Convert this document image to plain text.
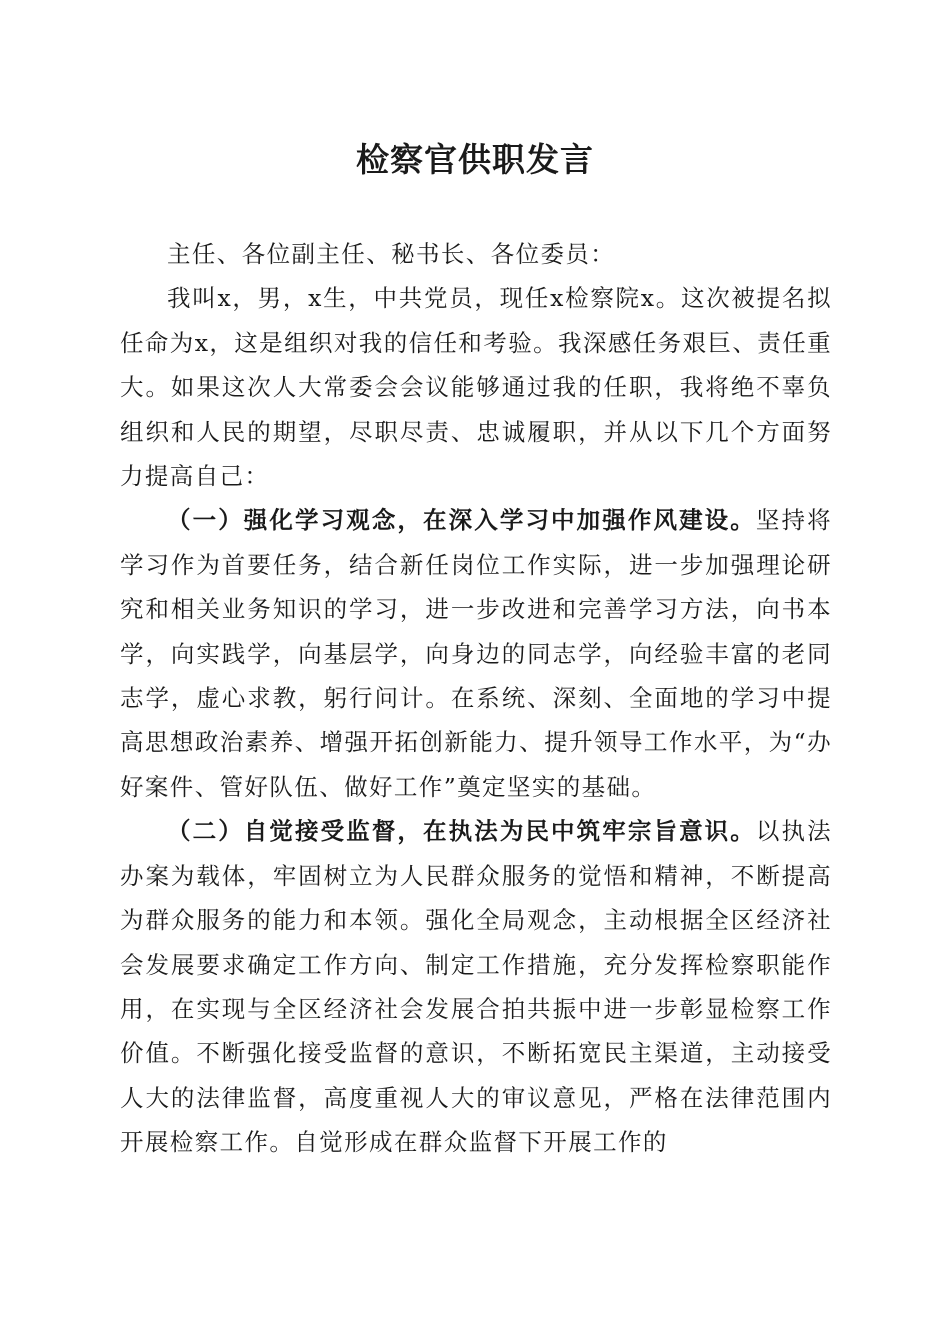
检察官供职发言

主任、各位副主任、秘书长、各位委员：

我叫x，男，x生，中共党员，现任x检察院x。这次被提名拟任命为x，这是组织对我的信任和考验。我深感任务艰巨、责任重大。如果这次人大常委会会议能够通过我的任职，我将绝不辜负组织和人民的期望，尽职尽责、忠诚履职，并从以下几个方面努力提高自己：

（一）强化学习观念，在深入学习中加强作风建设。坚持将学习作为首要任务，结合新任岗位工作实际，进一步加强理论研究和相关业务知识的学习，进一步改进和完善学习方法，向书本学，向实践学，向基层学，向身边的同志学，向经验丰富的老同志学，虚心求教，躬行问计。在系统、深刻、全面地的学习中提高思想政治素养、增强开拓创新能力、提升领导工作水平，为“办好案件、管好队伍、做好工作”奠定坚实的基础。

（二）自觉接受监督，在执法为民中筑牢宗旨意识。以执法办案为载体，牢固树立为人民群众服务的觉悟和精神，不断提高为群众服务的能力和本领。强化全局观念，主动根据全区经济社会发展要求确定工作方向、制定工作措施，充分发挥检察职能作用，在实现与全区经济社会发展合拍共振中进一步彰显检察工作价值。不断强化接受监督的意识，不断拓宽民主渠道，主动接受人大的法律监督，高度重视人大的审议意见，严格在法律范围内开展检察工作。自觉形成在群众监督下开展工作的
